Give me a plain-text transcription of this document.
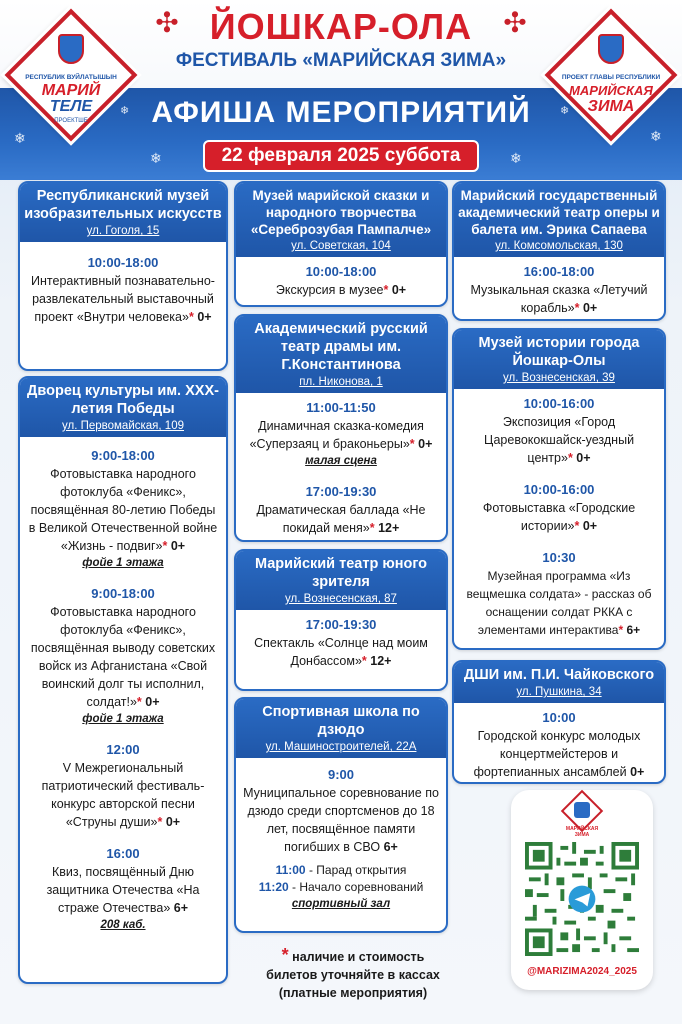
✣	✣
ЙОШКАР-ОЛА
ФЕСТИВАЛЬ «МАРИЙСКАЯ ЗИМА»
АФИША МЕРОПРИЯТИЙ
22 февраля 2025 суббота
❄
❄	❄
❄
❄	❄
РЕСПУБЛИК ВУЙЛАТЫШЫН
МАРИЙ
ТЕЛЕ
ПРОЕКТШЕ
ПРОЕКТ ГЛАВЫ РЕСПУБЛИКИ
МАРИЙСКАЯ
ЗИМА
Республиканский музей изобразительных искусств
ул. Гоголя, 15
10:00-18:00
Интерактивный познавательно-развлекательный выставочный проект «Внутри человека»* 0+
Дворец культуры им. XXX-летия Победы
ул. Первомайская, 109
9:00-18:00
Фотовыставка народного фотоклуба «Феникс», посвящённая 80-летию Победы в Великой Отечественной войне «Жизнь - подвиг»* 0+
фойе 1 этажа
9:00-18:00
Фотовыставка народного фотоклуба «Феникс», посвящённая выводу советских войск из Афганистана «Свой воинский долг ты исполнил, солдат!»* 0+
фойе 1 этажа
12:00
V Межрегиональный патриотический фестиваль-конкурс авторской песни «Струны души»* 0+
16:00
Квиз, посвящённый Дню защитника Отечества «На страже Отечества» 6+
208 каб.
Музей марийской сказки и народного творчества «Сереброзубая Пампалче»
ул. Советская, 104
10:00-18:00
Экскурсия в музее* 0+
Академический русский театр драмы им. Г.Константинова
пл. Никонова, 1
11:00-11:50
Динамичная сказка-комедия «Суперзаяц и браконьеры»* 0+
малая сцена
17:00-19:30
Драматическая баллада «Не покидай меня»* 12+
Марийский театр юного зрителя
ул. Вознесенская, 87
17:00-19:30
Спектакль «Солнце над моим Донбассом»* 12+
Спортивная школа по дзюдо
ул. Машиностроителей, 22А
9:00
Муниципальное соревнование по дзюдо среди спортсменов до 18 лет, посвящённое памяти погибших в СВО 6+
11:00 - Парад открытия
11:20 - Начало соревнований
спортивный зал
Марийский государственный академический театр оперы и балета им. Эрика Сапаева
ул. Комсомольская, 130
16:00-18:00
Музыкальная сказка «Летучий корабль»* 0+
Музей истории города Йошкар-Олы
ул. Вознесенская, 39
10:00-16:00
Экспозиция «Город Царевококшайск-уездный центр»* 0+
10:00-16:00
Фотовыставка «Городские истории»* 0+
10:30
Музейная программа «Из вещмешка солдата» - рассказ об оснащении солдат РККА с элементами интерактива* 6+
ДШИ им. П.И. Чайковского
ул. Пушкина, 34
10:00
Городской конкурс молодых концертмейстеров и фортепианных ансамблей 0+
* наличие и стоимость билетов уточняйте в кассах (платные мероприятия)
МАРИЙСКАЯ ЗИМА
@MARIZIMA2024_2025
